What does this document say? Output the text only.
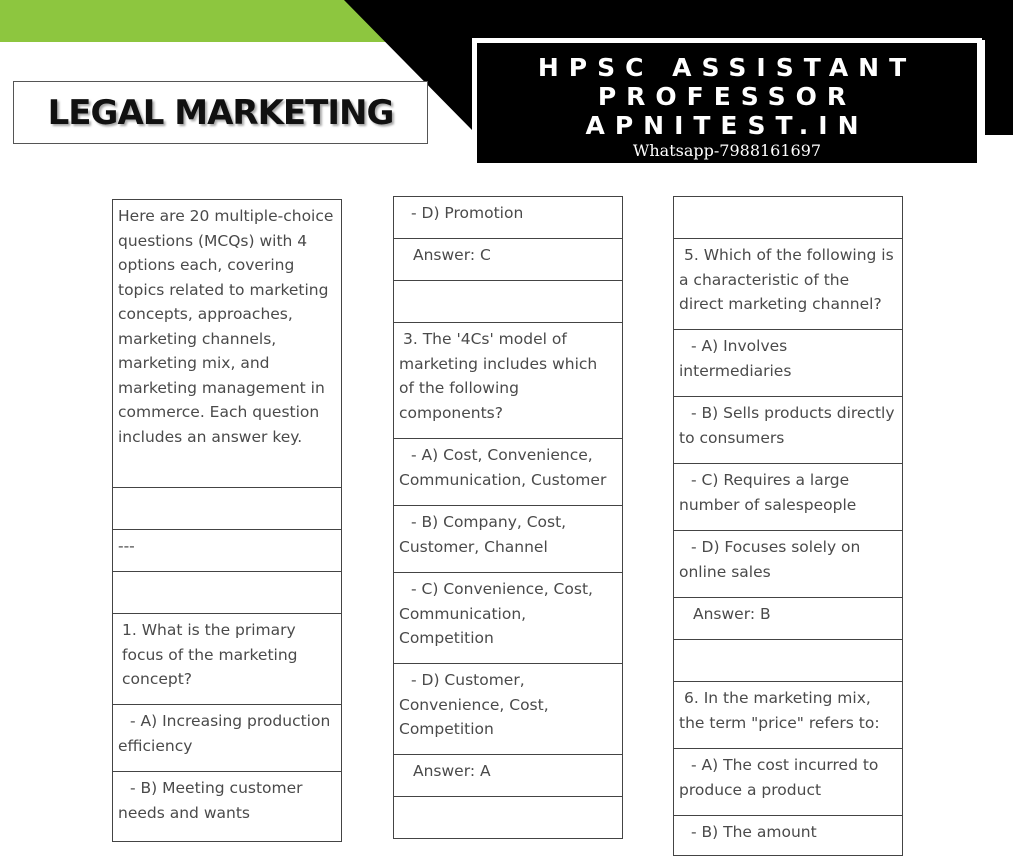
LEGAL MARKETING
HPSC ASSISTANT
PROFESSOR
APNITEST.IN
Whatsapp-7988161697
Here are 20 multiple-choice questions (MCQs) with 4 options each, covering topics related to marketing concepts, approaches, marketing channels, marketing mix, and marketing management in commerce. Each question includes an answer key.
---
1. What is the primary focus of the marketing concept?
- A) Increasing production efficiency
- B) Meeting customer needs and wants
- D) Promotion
Answer: C
3. The '4Cs' model of marketing includes which of the following components?
- A) Cost, Convenience, Communication, Customer
- B) Company, Cost, Customer, Channel
- C) Convenience, Cost, Communication, Competition
- D) Customer, Convenience, Cost, Competition
Answer: A
5. Which of the following is a characteristic of the direct marketing channel?
- A) Involves intermediaries
- B) Sells products directly to consumers
- C) Requires a large number of salespeople
- D) Focuses solely on online sales
Answer: B
6. In the marketing mix, the term "price" refers to:
- A) The cost incurred to produce a product
- B) The amount
